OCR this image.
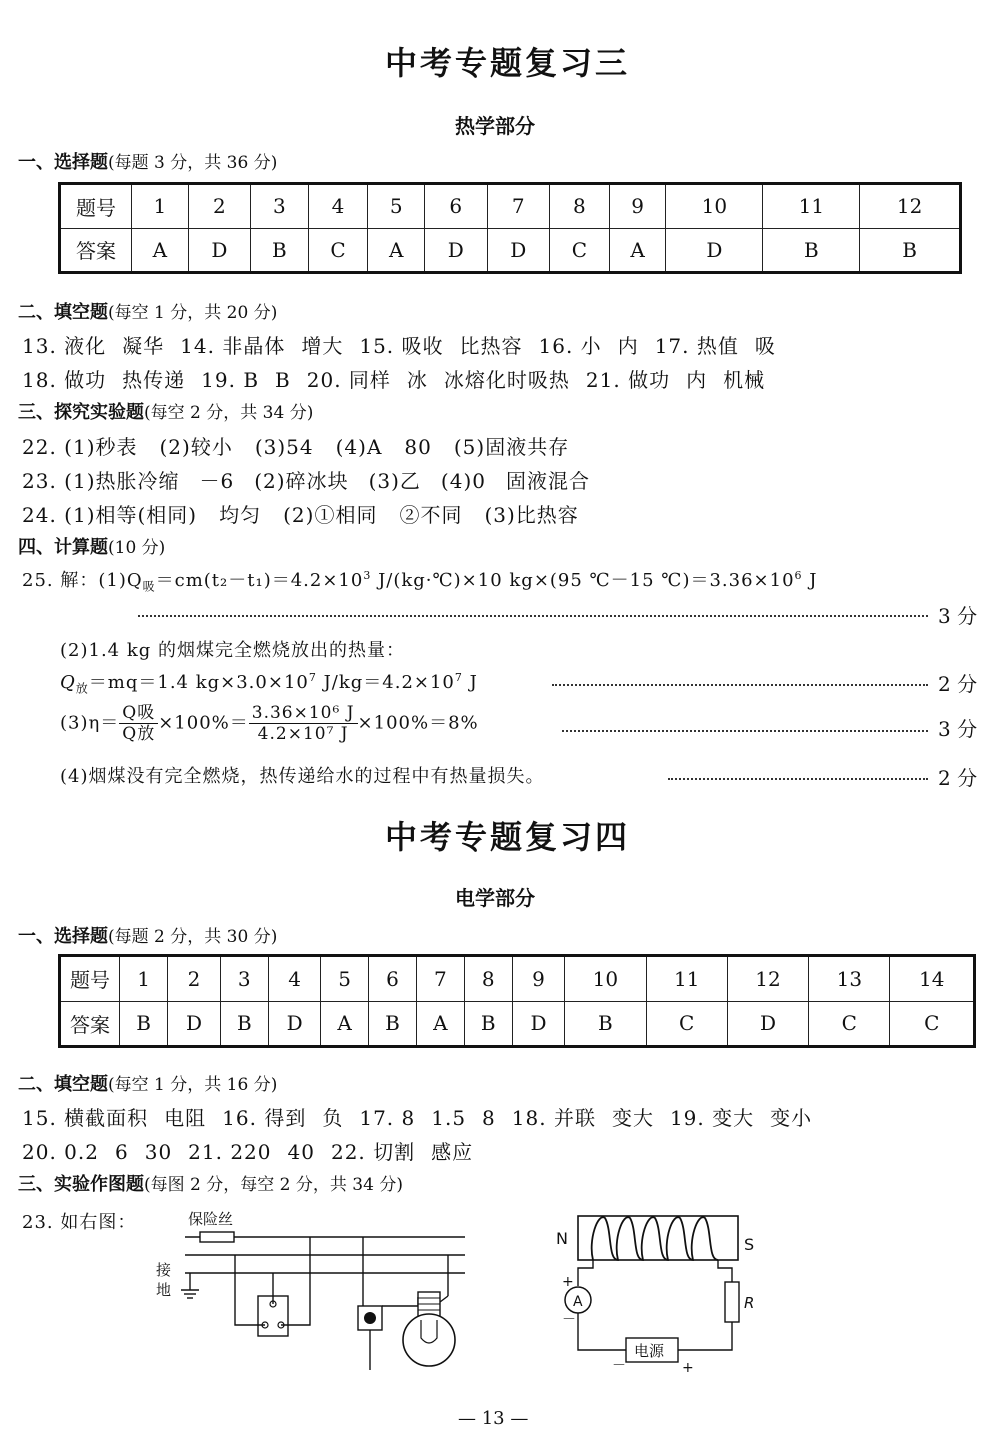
中考专题复习三
热学部分
一、选择题(每题 3 分，共 36 分)
题号	1	2	3	4	5	6	7	8	9	10	11	12
答案	A	D	B	C	A	D	D	C	A	D	B	B
二、填空题(每空 1 分，共 20 分)
13. 液化 凝华 14. 非晶体 增大 15. 吸收 比热容 16. 小 内 17. 热值 吸
18. 做功 热传递 19. B B 20. 同样 冰 冰熔化时吸热 21. 做功 内 机械
三、探究实验题(每空 2 分，共 34 分)
22. (1)秒表 (2)较小 (3)54 (4)A 80 (5)固液共存
23. (1)热胀冷缩 －6 (2)碎冰块 (3)乙 (4)0 固液混合
24. (1)相等(相同) 均匀 (2)①相同 ②不同 (3)比热容
四、计算题(10 分)
25. 解：$(1)Q_吸=cm(t_2-t_1)=4.2\times 10^3$ J/(kg·℃)×10 kg×(95 ℃－15 $℃)=3.36\times 10^6$ J
3 分
(2)1.4 kg 的烟煤完全燃烧放出的热量：
$Q_放=mq=1.4$ $kg\times 3.0\times 10^7$ $J/kg=4.2\times 10^7$ J	2 分
$(3)\eta= \frac{\text{Q吸}}{\text{Q放}} \times 100\%= \frac{\text{3.36×10⁶ J}}{\text{4.2×10⁷ J}} \times 100\%=8\%$	3 分
(4)烟煤没有完全燃烧，热传递给水的过程中有热量损失。	2 分
中考专题复习四
电学部分
一、选择题(每题 2 分，共 30 分)
题号	1	2	3	4	5	6	7	8	9	10	11	12	13	14
答案	B	D	B	D	A	B	A	B	D	B	C	D	C	C
二、填空题(每空 1 分，共 16 分)
15. 横截面积 电阻 16. 得到 负 17. 8 1.5 8 18. 并联 变大 19. 变大 变小
20. 0.2 6 30 21. 220 40 22. 切割 感应
三、实验作图题(每图 2 分，每空 2 分，共 34 分)
23. 如右图：	保险丝
接
地
N	S
A
+
－
R
电源
－	+
— 13 —
